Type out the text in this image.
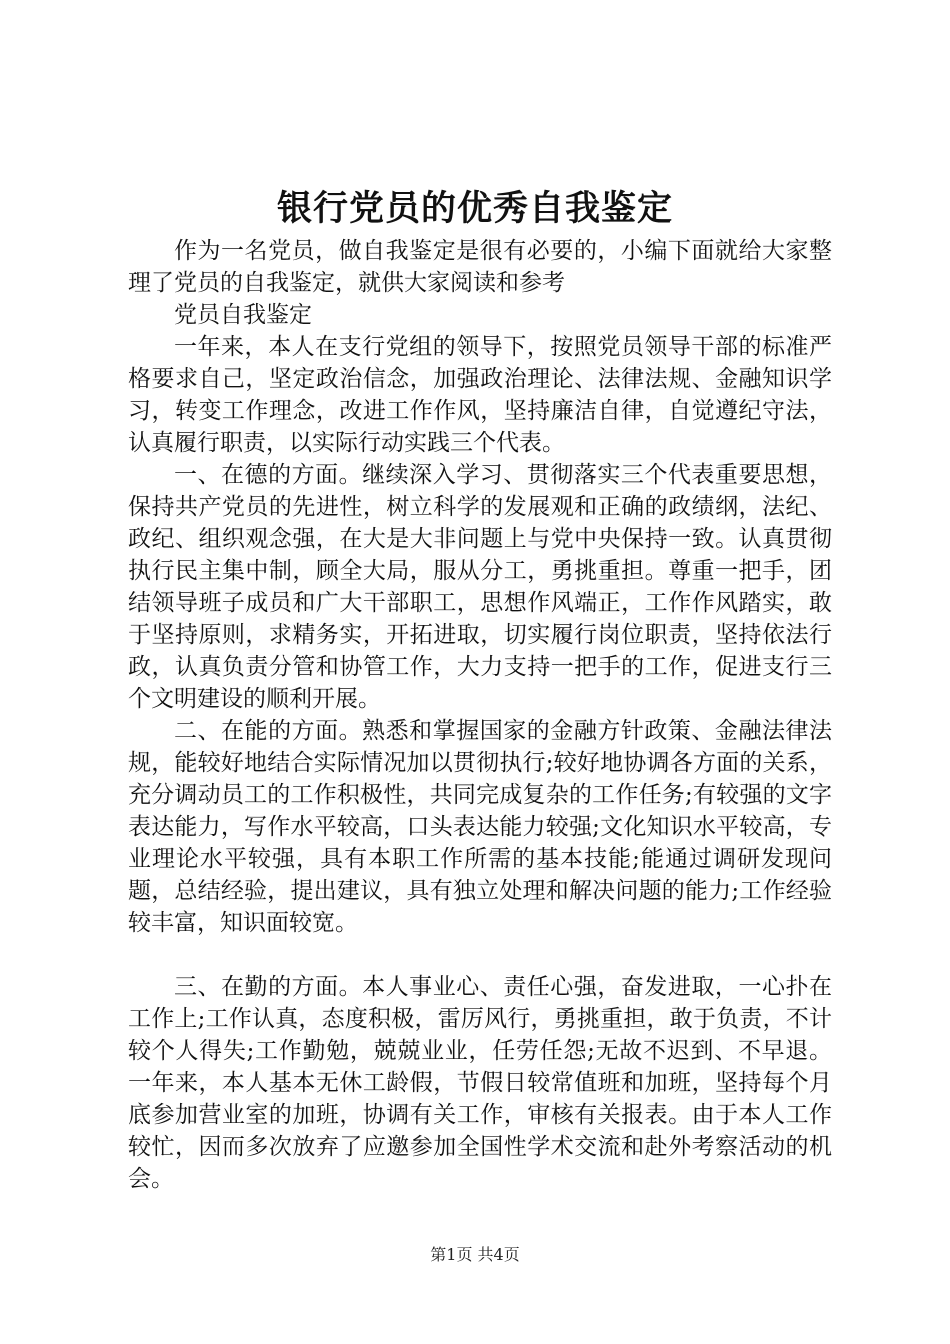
银行党员的优秀自我鉴定

作为一名党员，做自我鉴定是很有必要的，小编下面就给大家整理了党员的自我鉴定，就供大家阅读和参考

党员自我鉴定

一年来，本人在支行党组的领导下，按照党员领导干部的标准严格要求自己，坚定政治信念，加强政治理论、法律法规、金融知识学习，转变工作理念，改进工作作风，坚持廉洁自律，自觉遵纪守法，认真履行职责，以实际行动实践三个代表。

一、在德的方面。继续深入学习、贯彻落实三个代表重要思想，保持共产党员的先进性，树立科学的发展观和正确的政绩纲，法纪、政纪、组织观念强，在大是大非问题上与党中央保持一致。认真贯彻执行民主集中制，顾全大局，服从分工，勇挑重担。尊重一把手，团结领导班子成员和广大干部职工，思想作风端正，工作作风踏实，敢于坚持原则，求精务实，开拓进取，切实履行岗位职责，坚持依法行政，认真负责分管和协管工作，大力支持一把手的工作，促进支行三个文明建设的顺利开展。

二、在能的方面。熟悉和掌握国家的金融方针政策、金融法律法规，能较好地结合实际情况加以贯彻执行;较好地协调各方面的关系，充分调动员工的工作积极性，共同完成复杂的工作任务;有较强的文字表达能力，写作水平较高，口头表达能力较强;文化知识水平较高，专业理论水平较强，具有本职工作所需的基本技能;能通过调研发现问题，总结经验，提出建议，具有独立处理和解决问题的能力;工作经验较丰富，知识面较宽。

三、在勤的方面。本人事业心、责任心强，奋发进取，一心扑在工作上;工作认真，态度积极，雷厉风行，勇挑重担，敢于负责，不计较个人得失;工作勤勉，兢兢业业，任劳任怨;无故不迟到、不早退。一年来，本人基本无休工龄假，节假日较常值班和加班，坚持每个月底参加营业室的加班，协调有关工作，审核有关报表。由于本人工作较忙，因而多次放弃了应邀参加全国性学术交流和赴外考察活动的机会。

第1页 共4页
